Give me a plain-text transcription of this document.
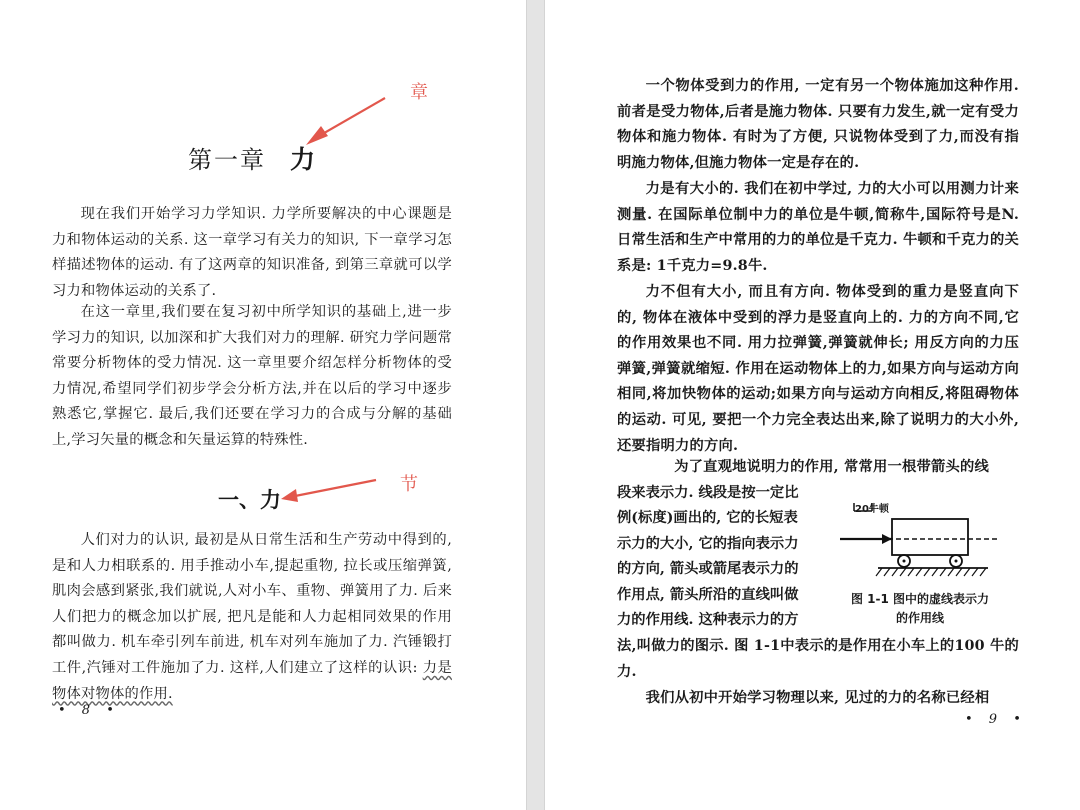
章
节
第一章 力
现在我们开始学习力学知识. 力学所要解决的中心课题是力和物体运动的关系. 这一章学习有关力的知识, 下一章学习怎样描述物体的运动. 有了这两章的知识准备, 到第三章就可以学习力和物体运动的关系了.
在这一章里,我们要在复习初中所学知识的基础上,进一步学习力的知识, 以加深和扩大我们对力的理解. 研究力学问题常常要分析物体的受力情况. 这一章里要介绍怎样分析物体的受力情况,希望同学们初步学会分析方法,并在以后的学习中逐步熟悉它,掌握它. 最后,我们还要在学习力的合成与分解的基础上,学习矢量的概念和矢量运算的特殊性.
一、力
人们对力的认识, 最初是从日常生活和生产劳动中得到的,是和人力相联系的. 用手推动小车,提起重物, 拉长或压缩弹簧,肌肉会感到紧张,我们就说,人对小车、重物、弹簧用了力. 后来人们把力的概念加以扩展, 把凡是能和人力起相同效果的作用都叫做力. 机车牵引列车前进, 机车对列车施加了力. 汽锤锻打工件,汽锤对工件施加了力. 这样,人们建立了这样的认识: 力是物体对物体的作用.
• 8 •
一个物体受到力的作用, 一定有另一个物体施加这种作用. 前者是受力物体,后者是施力物体. 只要有力发生,就一定有受力物体和施力物体. 有时为了方便, 只说物体受到了力,而没有指明施力物体,但施力物体一定是存在的.
力是有大小的. 我们在初中学过, 力的大小可以用测力计来测量. 在国际单位制中力的单位是牛顿,简称牛,国际符号是N. 日常生活和生产中常用的力的单位是千克力. 牛顿和千克力的关系是: 1千克力=9.8牛.
力不但有大小, 而且有方向. 物体受到的重力是竖直向下的, 物体在液体中受到的浮力是竖直向上的. 力的方向不同,它的作用效果也不同. 用力拉弹簧,弹簧就伸长; 用反方向的力压弹簧,弹簧就缩短. 作用在运动物体上的力,如果方向与运动方向相同,将加快物体的运动;如果方向与运动方向相反,将阻碍物体的运动. 可见, 要把一个力完全表达出来,除了说明力的大小外,还要指明力的方向.
为了直观地说明力的作用, 常常用一根带箭头的线
段来表示力. 线段是按一定比
例(标度)画出的, 它的长短表
示力的大小, 它的指向表示力
的方向, 箭头或箭尾表示力的
作用点, 箭头所沿的直线叫做
力的作用线. 这种表示力的方
法,叫做力的图示. 图 1-1中表示的是作用在小车上的100 牛的力.
我们从初中开始学习物理以来, 见过的力的名称已经相
20牛顿
图 1-1 图中的虚线表示力
的作用线
• 9 •
